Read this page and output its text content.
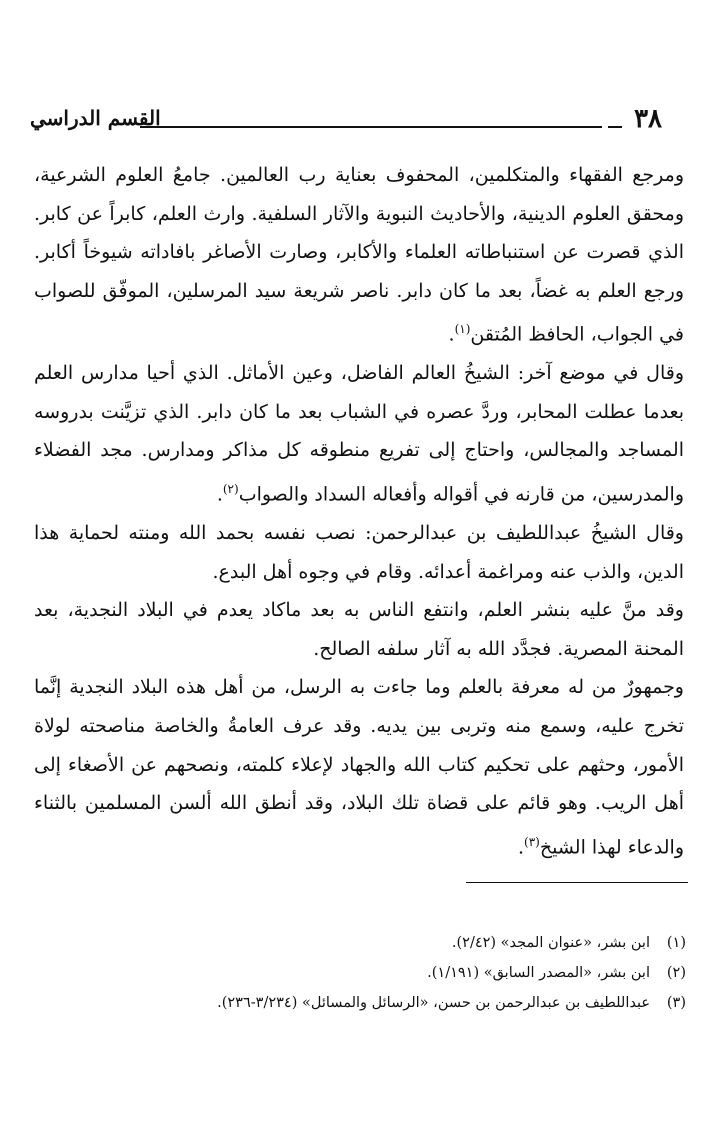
٣٨
القسم الدراسي

ومرجع الفقهاء والمتكلمين، المحفوف بعناية رب العالمين. جامعُ العلوم الشرعية، ومحقق العلوم الدينية، والأحاديث النبوية والآثار السلفية. وارث العلم، كابراً عن كابر. الذي قصرت عن استنباطاته العلماء والأكابر، وصارت الأصاغر بافاداته شيوخاً أكابر. ورجع العلم به غضاً، بعد ما كان دابر. ناصر شريعة سيد المرسلين، الموفّق للصواب في الجواب، الحافظ المُتقن$^{(١)}$.

وقال في موضع آخر: الشيخُ العالم الفاضل، وعين الأماثل. الذي أحيا مدارس العلم بعدما عطلت المحابر، وردَّ عصره في الشباب بعد ما كان دابر. الذي تزيَّنت بدروسه المساجد والمجالس، واحتاج إلى تفريع منطوقه كل مذاكر ومدارس. مجد الفضلاء والمدرسين، من قارنه في أقواله وأفعاله السداد والصواب$^{(٢)}$.

وقال الشيخُ عبداللطيف بن عبدالرحمن: نصب نفسه بحمد الله ومنته لحماية هذا الدين، والذب عنه ومراغمة أعدائه. وقام في وجوه أهل البدع.

وقد منَّ عليه بنشر العلم، وانتفع الناس به بعد ماكاد يعدم في البلاد النجدية، بعد المحنة المصرية. فجدَّد الله به آثار سلفه الصالح.

وجمهورٌ من له معرفة بالعلم وما جاءت به الرسل، من أهل هذه البلاد النجدية إنَّما تخرج عليه، وسمع منه وتربى بين يديه. وقد عرف العامةُ والخاصة مناصحته لولاة الأمور، وحثهم على تحكيم كتاب الله والجهاد لإعلاء كلمته، ونصحهم عن الأصغاء إلى أهل الريب. وهو قائم على قضاة تلك البلاد، وقد أنطق الله ألسن المسلمين بالثناء والدعاء لهذا الشيخ$^{(٣)}$.

(١)
ابن بشر، «عنوان المجد» (٢/٤٢).
(٢)
ابن بشر، «المصدر السابق» (١/١٩١).
(٣)
عبداللطيف بن عبدالرحمن بن حسن، «الرسائل والمسائل» (٣/٢٣٤-٢٣٦).
